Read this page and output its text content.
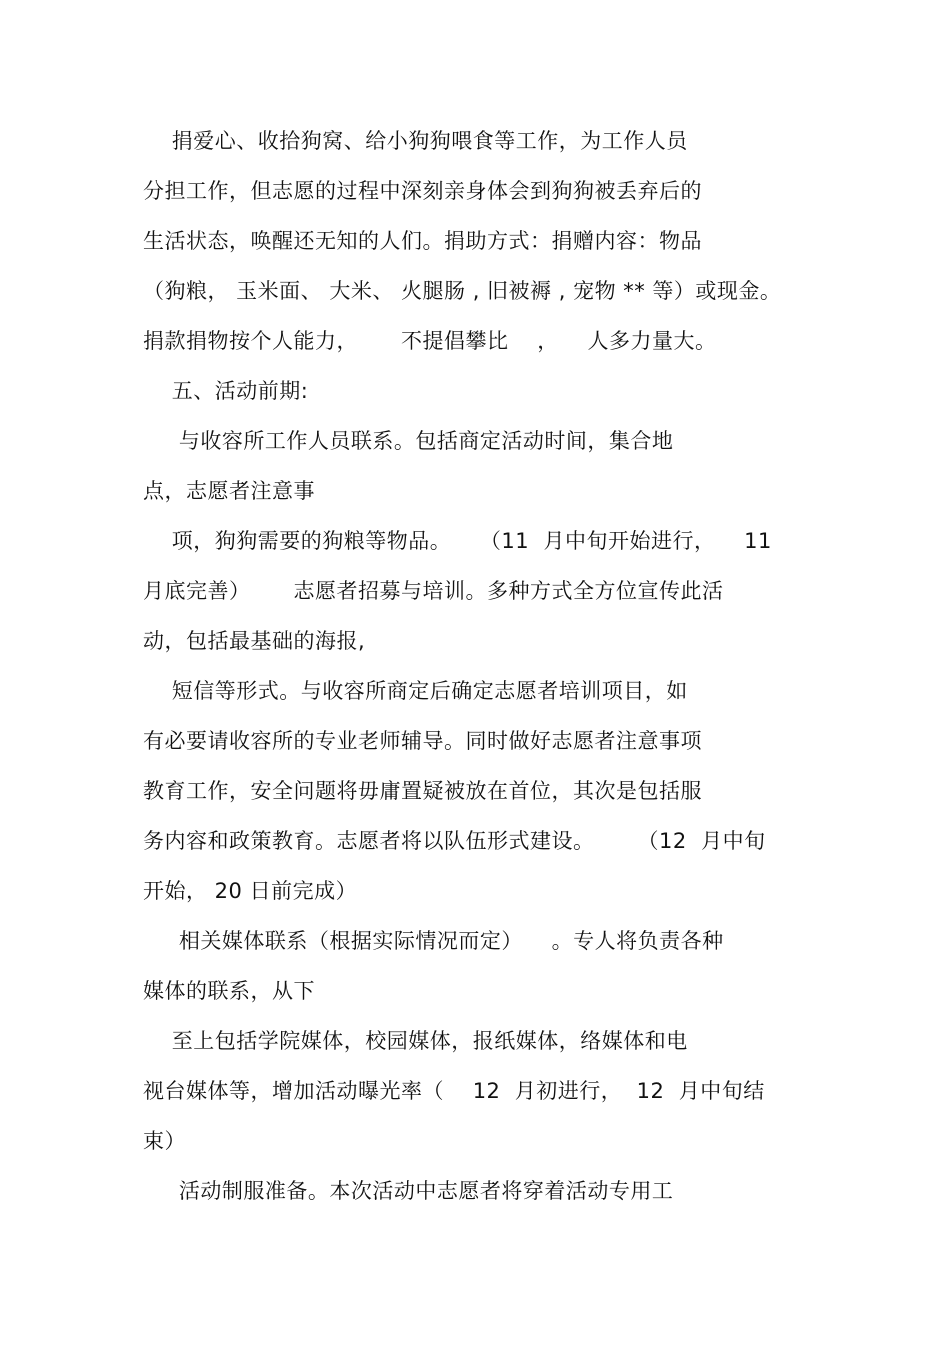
捐爱心、收拾狗窝、给小狗狗喂食等工作，为工作人员
分担工作，但志愿的过程中深刻亲身体会到狗狗被丢弃后的
生活状态，唤醒还无知的人们。捐助方式：捐赠内容：物品
（狗粮， 玉米面、 大米、 火腿肠 , 旧被褥 , 宠物 ** 等）或现金。
捐款捐物按个人能力，      不提倡攀比    ，    人多力量大。
五、活动前期:
与收容所工作人员联系。包括商定活动时间，集合地
点，志愿者注意事
项，狗狗需要的狗粮等物品。    （11  月中旬开始进行，    11
月底完善）      志愿者招募与培训。多种方式全方位宣传此活
动，包括最基础的海报,
短信等形式。与收容所商定后确定志愿者培训项目，如
有必要请收容所的专业老师辅导。同时做好志愿者注意事项
教育工作，安全问题将毋庸置疑被放在首位，其次是包括服
务内容和政策教育。志愿者将以队伍形式建设。      （12  月中旬
开始， 20 日前完成）
相关媒体联系（根据实际情况而定）    。专人将负责各种
媒体的联系，从下
至上包括学院媒体，校园媒体，报纸媒体，络媒体和电
视台媒体等，增加活动曝光率（    12  月初进行，  12  月中旬结
束）
活动制服准备。本次活动中志愿者将穿着活动专用工
